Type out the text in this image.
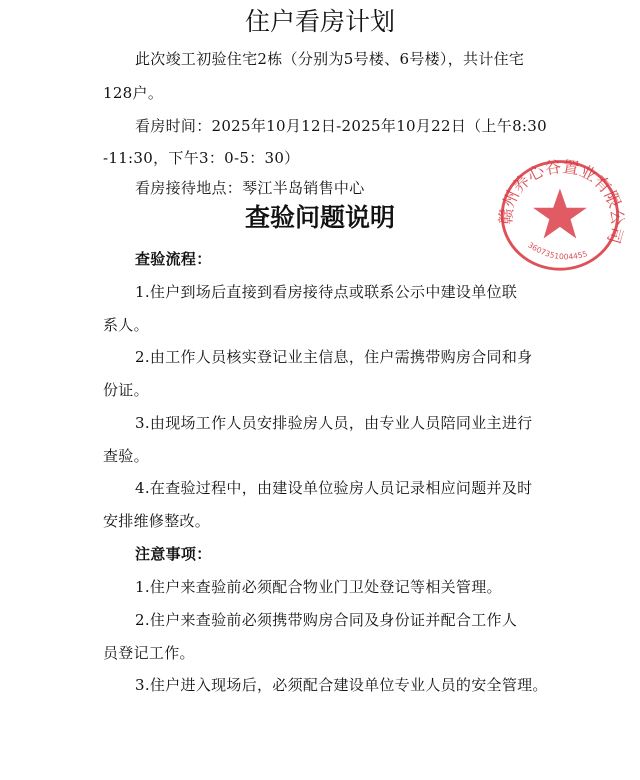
住户看房计划
此次竣工初验住宅2栋（分别为5号楼、6号楼），共计住宅
128户。
看房时间：2025年10月12日-2025年10月22日（上午8:30
-11:30，下午3：0-5：30）
看房接待地点：琴江半岛销售中心
查验问题说明
查验流程：
1.住户到场后直接到看房接待点或联系公示中建设单位联
系人。
2.由工作人员核实登记业主信息，住户需携带购房合同和身
份证。
3.由现场工作人员安排验房人员，由专业人员陪同业主进行
查验。
4.在查验过程中，由建设单位验房人员记录相应问题并及时
安排维修整改。
注意事项：
1.住户来查验前必须配合物业门卫处登记等相关管理。
2.住户来查验前必须携带购房合同及身份证并配合工作人
员登记工作。
3.住户进入现场后，必须配合建设单位专业人员的安全管理。
赣州养心谷置业有限公司
3607351004455
